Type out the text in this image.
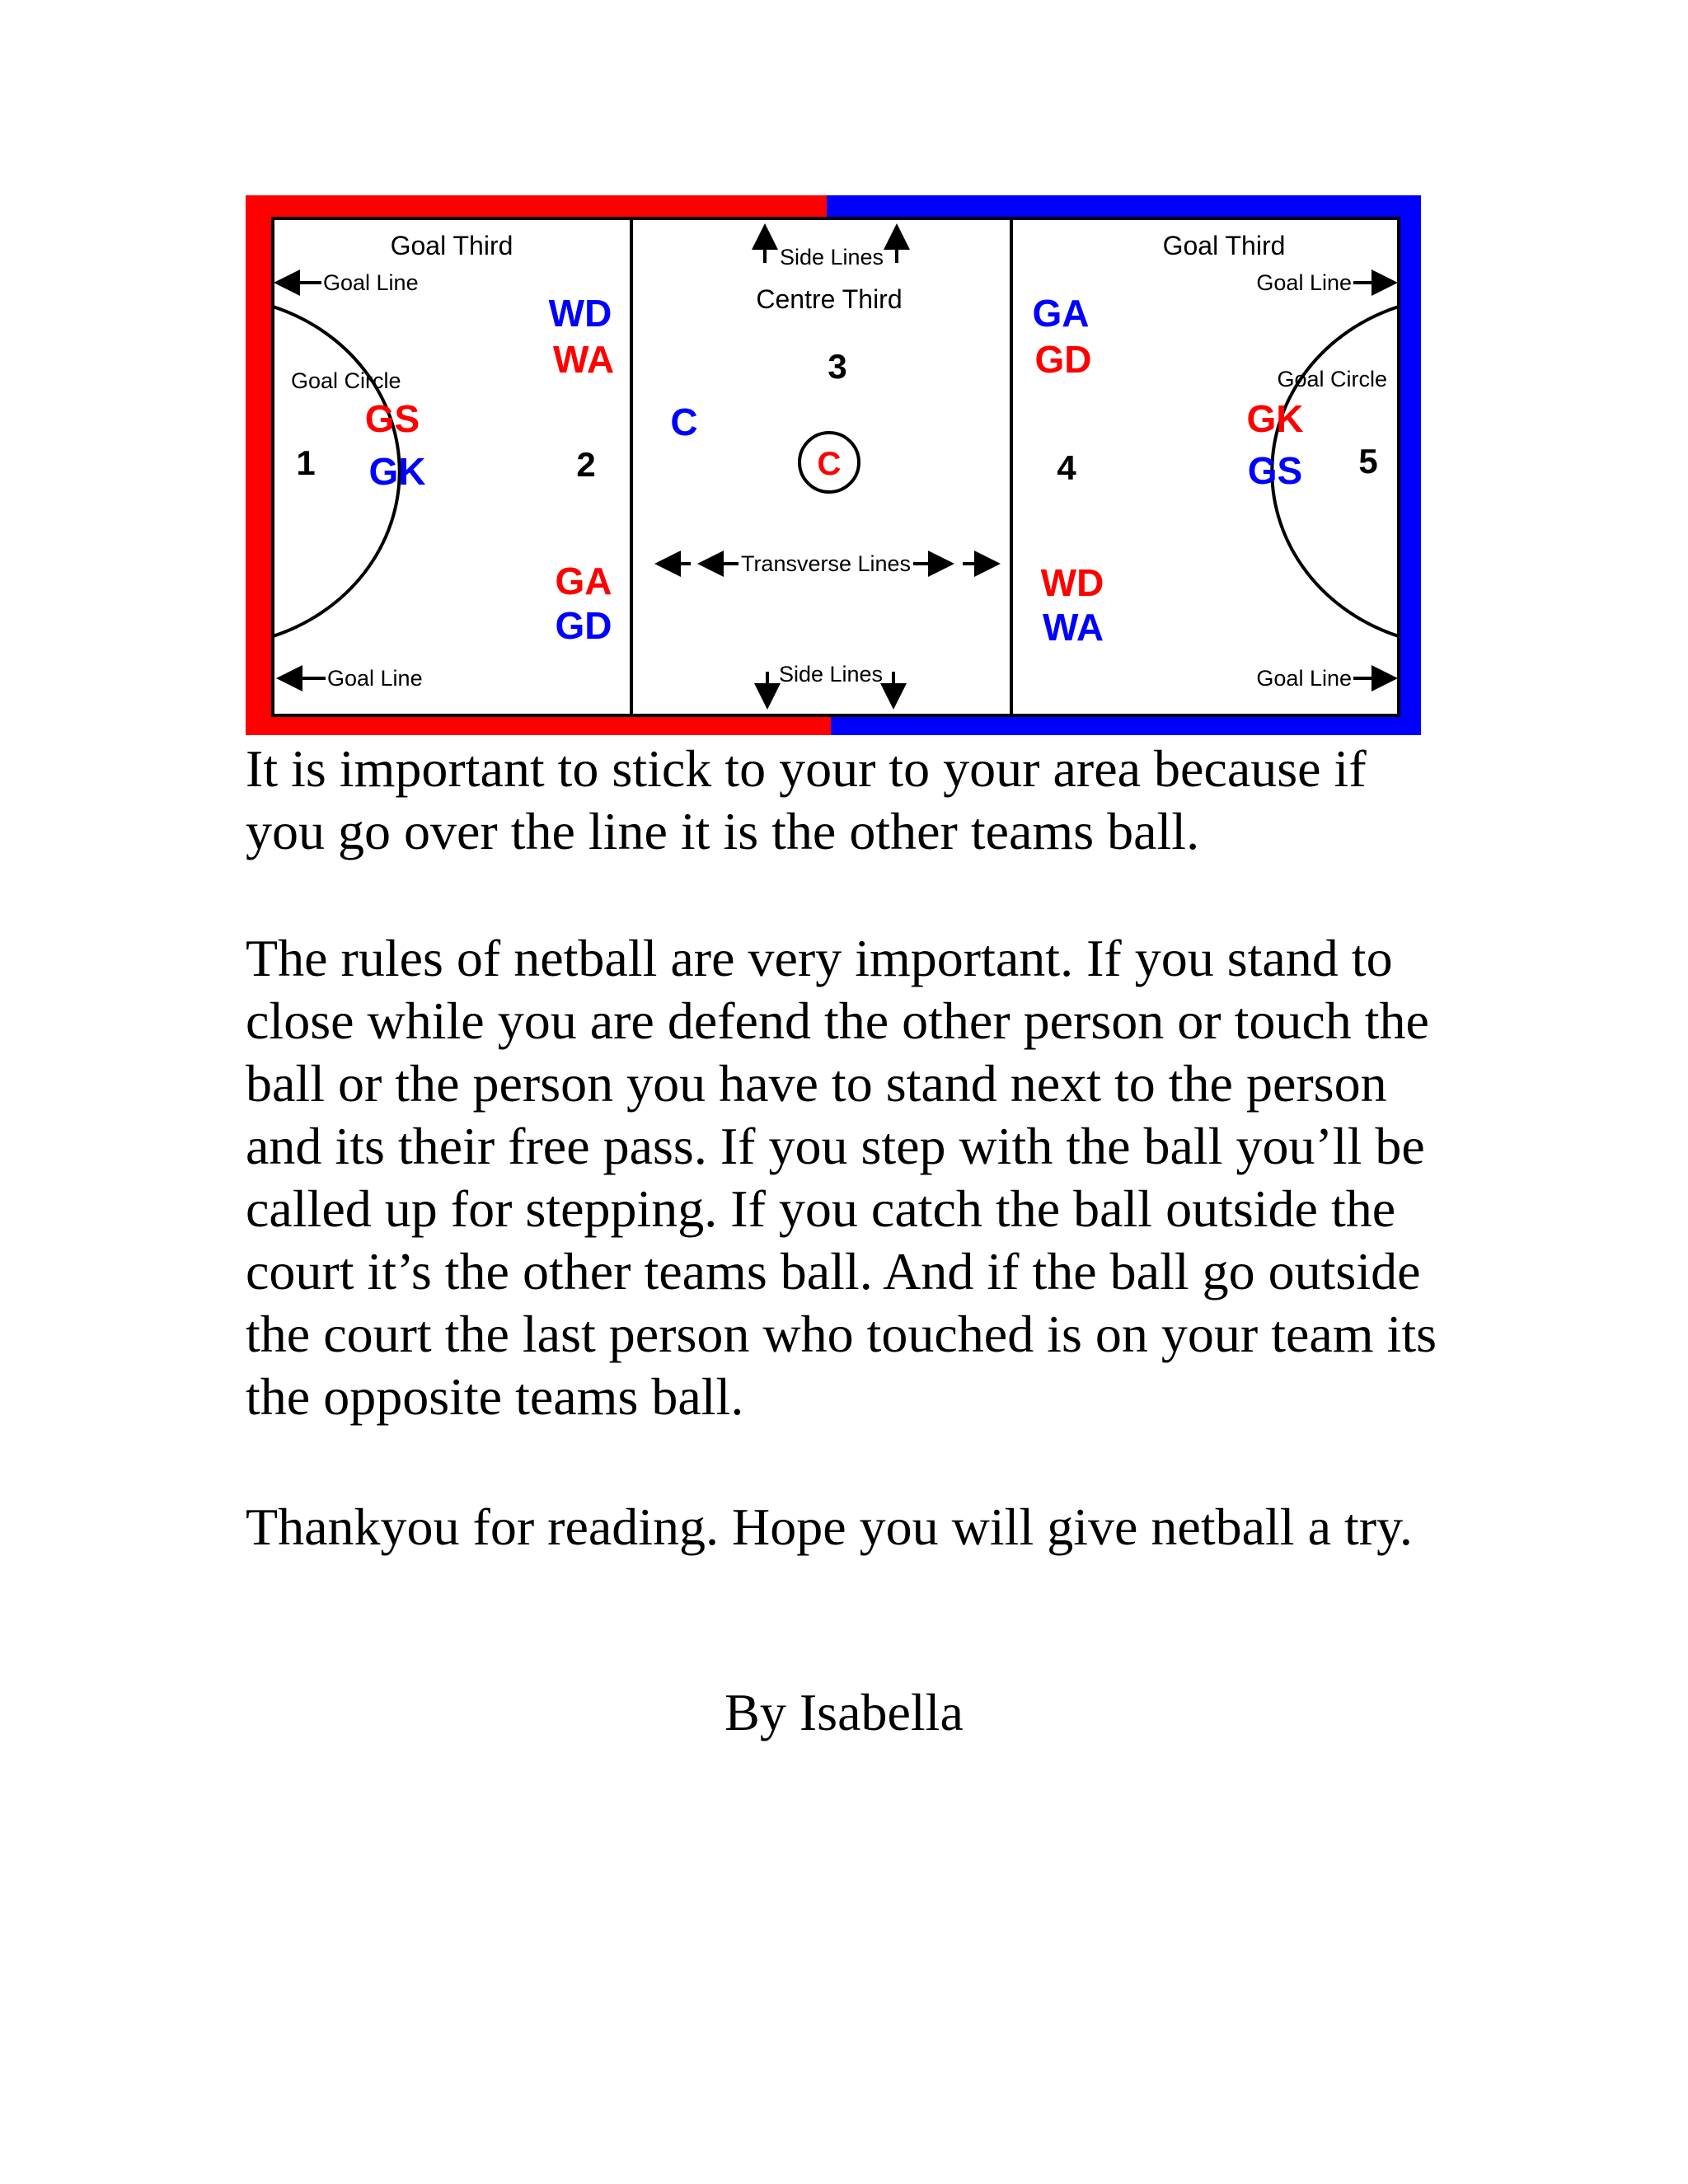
Goal Third	Goal Third
Centre Third
Goal Line
Goal Line
Goal Line
Goal Line
Goal Circle	Goal Circle
Side Lines
Side Lines
Transverse Lines
1	2
3
4	5
WA
GS
GA
GD
GK
WD
C
WD
GK
GD
C
GA
GS
WA

It is important to stick to your to your area because if you go over the line it is the other teams ball.

The rules of netball are very important. If you stand to close while you are defend the other person or touch the ball or the person you have to stand next to the person and its their free pass. If you step with the ball you’ll be called up for stepping. If you catch the ball outside the court it’s the other teams ball. And if the ball go outside the court the last person who touched is on your team its the opposite teams ball.

Thankyou for reading. Hope you will give netball a try.

By Isabella
